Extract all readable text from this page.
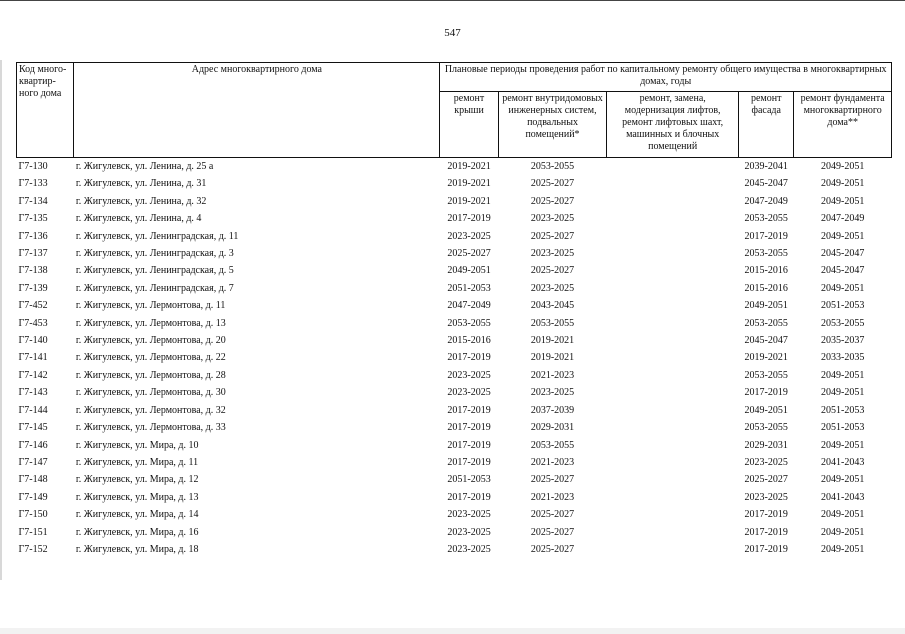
547
Код много-квартир-ного дома	Адрес многоквартирного дома	Плановые периоды проведения работ по капитальному ремонту общего имущества в многоквартирных домах, годы				
		ремонт крыши	ремонт внутридомовых инженерных систем, подвальных помещений*	ремонт, замена, модернизация лифтов, ремонт лифтовых шахт, машинных и блочных помещений	ремонт фасада	ремонт фундамента многоквартирного дома**
Г7-130	г. Жигулевск, ул. Ленина, д. 25 а	2019-2021	2053-2055		2039-2041	2049-2051
Г7-133	г. Жигулевск, ул. Ленина, д. 31	2019-2021	2025-2027		2045-2047	2049-2051
Г7-134	г. Жигулевск, ул. Ленина, д. 32	2019-2021	2025-2027		2047-2049	2049-2051
Г7-135	г. Жигулевск, ул. Ленина, д. 4	2017-2019	2023-2025		2053-2055	2047-2049
Г7-136	г. Жигулевск, ул. Ленинградская, д. 11	2023-2025	2025-2027		2017-2019	2049-2051
Г7-137	г. Жигулевск, ул. Ленинградская, д. 3	2025-2027	2023-2025		2053-2055	2045-2047
Г7-138	г. Жигулевск, ул. Ленинградская, д. 5	2049-2051	2025-2027		2015-2016	2045-2047
Г7-139	г. Жигулевск, ул. Ленинградская, д. 7	2051-2053	2023-2025		2015-2016	2049-2051
Г7-452	г. Жигулевск, ул. Лермонтова, д. 11	2047-2049	2043-2045		2049-2051	2051-2053
Г7-453	г. Жигулевск, ул. Лермонтова, д. 13	2053-2055	2053-2055		2053-2055	2053-2055
Г7-140	г. Жигулевск, ул. Лермонтова, д. 20	2015-2016	2019-2021		2045-2047	2035-2037
Г7-141	г. Жигулевск, ул. Лермонтова, д. 22	2017-2019	2019-2021		2019-2021	2033-2035
Г7-142	г. Жигулевск, ул. Лермонтова, д. 28	2023-2025	2021-2023		2053-2055	2049-2051
Г7-143	г. Жигулевск, ул. Лермонтова, д. 30	2023-2025	2023-2025		2017-2019	2049-2051
Г7-144	г. Жигулевск, ул. Лермонтова, д. 32	2017-2019	2037-2039		2049-2051	2051-2053
Г7-145	г. Жигулевск, ул. Лермонтова, д. 33	2017-2019	2029-2031		2053-2055	2051-2053
Г7-146	г. Жигулевск, ул. Мира, д. 10	2017-2019	2053-2055		2029-2031	2049-2051
Г7-147	г. Жигулевск, ул. Мира, д. 11	2017-2019	2021-2023		2023-2025	2041-2043
Г7-148	г. Жигулевск, ул. Мира, д. 12	2051-2053	2025-2027		2025-2027	2049-2051
Г7-149	г. Жигулевск, ул. Мира, д. 13	2017-2019	2021-2023		2023-2025	2041-2043
Г7-150	г. Жигулевск, ул. Мира, д. 14	2023-2025	2025-2027		2017-2019	2049-2051
Г7-151	г. Жигулевск, ул. Мира, д. 16	2023-2025	2025-2027		2017-2019	2049-2051
Г7-152	г. Жигулевск, ул. Мира, д. 18	2023-2025	2025-2027		2017-2019	2049-2051
